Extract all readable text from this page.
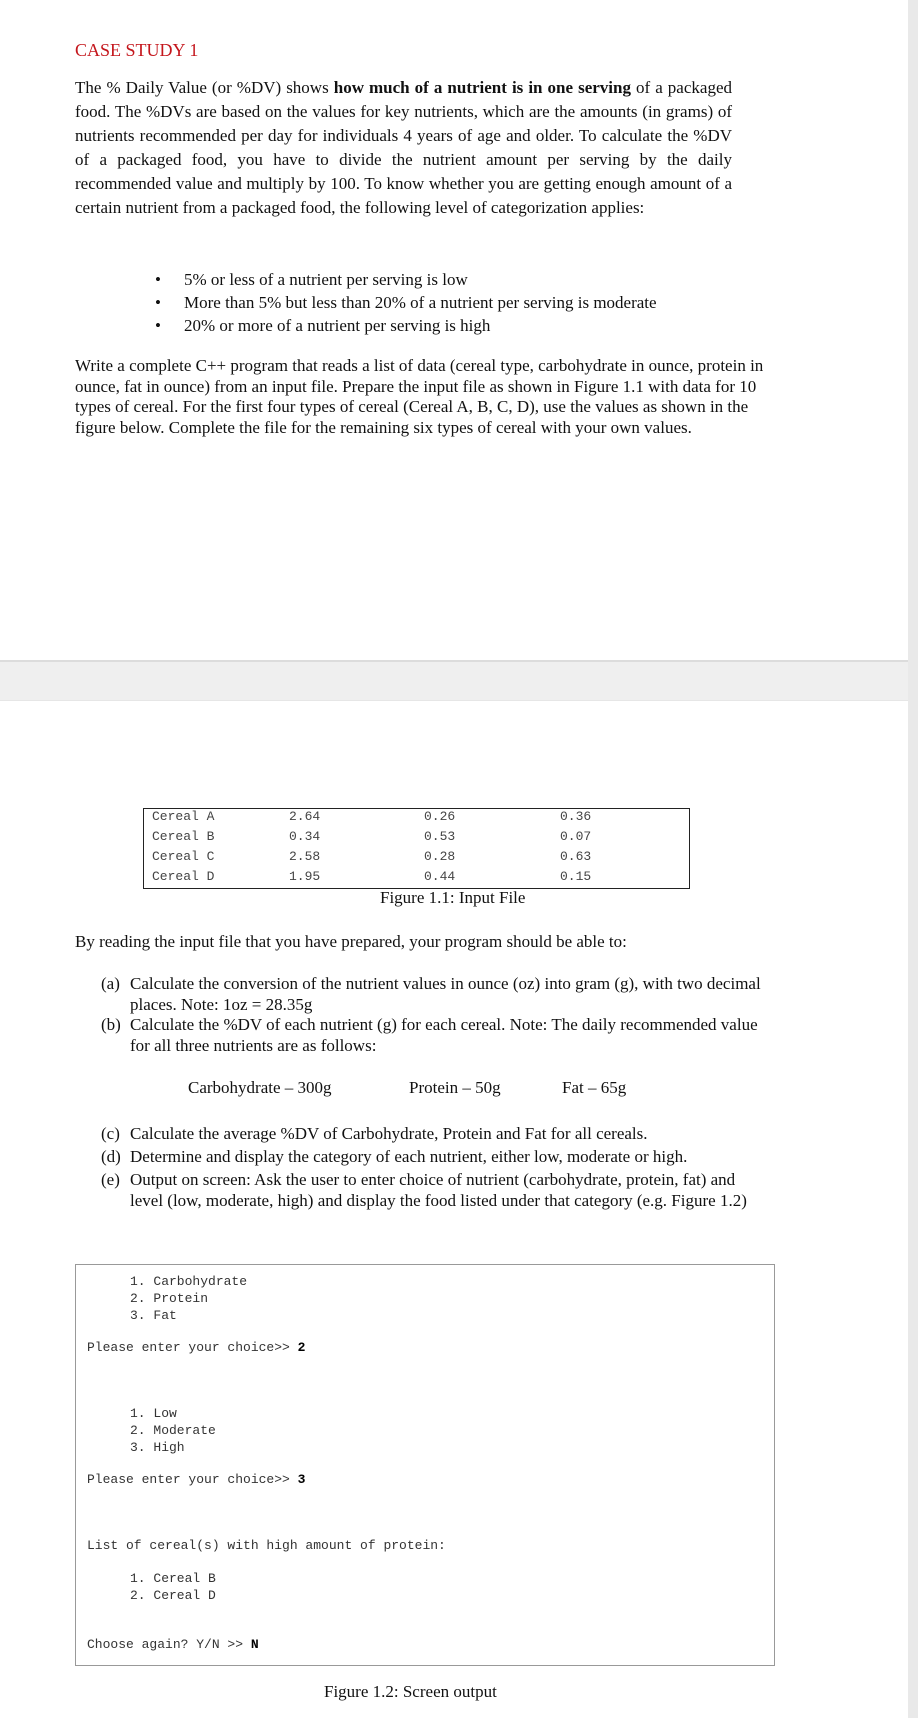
CASE STUDY 1
The % Daily Value (or %DV) shows how much of a nutrient is in one serving of a packaged food. The %DVs are based on the values for key nutrients, which are the amounts (in grams) of nutrients recommended per day for individuals 4 years of age and older. To calculate the %DV of a packaged food, you have to divide the nutrient amount per serving by the daily recommended value and multiply by 100. To know whether you are getting enough amount of a certain nutrient from a packaged food, the following level of categorization applies:
• 5% or less of a nutrient per serving is low
• More than 5% but less than 20% of a nutrient per serving is moderate
• 20% or more of a nutrient per serving is high
Write a complete C++ program that reads a list of data (cereal type, carbohydrate in ounce, protein in ounce, fat in ounce) from an input file. Prepare the input file as shown in Figure 1.1 with data for 10 types of cereal. For the first four types of cereal (Cereal A, B, C, D), use the values as shown in the figure below. Complete the file for the remaining six types of cereal with your own values.
Cereal A	2.64	0.26	0.36
Cereal B	0.34	0.53	0.07
Cereal C	2.58	0.28	0.63
Cereal D	1.95	0.44	0.15
Figure 1.1: Input File
By reading the input file that you have prepared, your program should be able to:
(a) Calculate the conversion of the nutrient values in ounce (oz) into gram (g), with two decimal places. Note: 1oz = 28.35g
(b) Calculate the %DV of each nutrient (g) for each cereal. Note: The daily recommended value for all three nutrients are as follows:
Carbohydrate – 300g	Protein – 50g	Fat – 65g
(c) Calculate the average %DV of Carbohydrate, Protein and Fat for all cereals.
(d) Determine and display the category of each nutrient, either low, moderate or high.
(e) Output on screen: Ask the user to enter choice of nutrient (carbohydrate, protein, fat) and level (low, moderate, high) and display the food listed under that category (e.g. Figure 1.2)
1. Carbohydrate
2. Protein
3. Fat
Please enter your choice>> 2
1. Low
2. Moderate
3. High
Please enter your choice>> 3
List of cereal(s) with high amount of protein:
1. Cereal B
2. Cereal D
Choose again? Y/N >> N
Figure 1.2: Screen output
